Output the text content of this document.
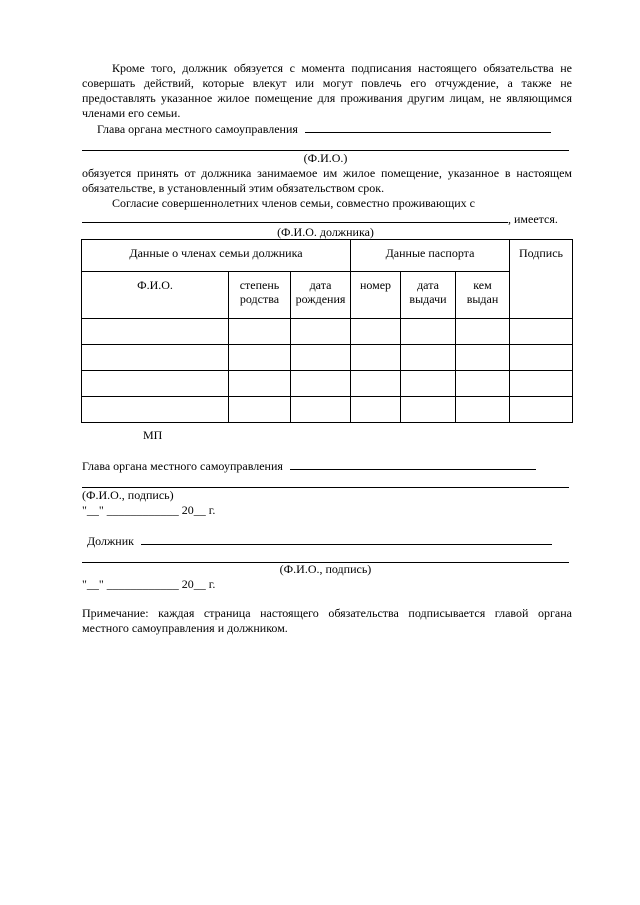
Кроме того, должник обязуется с момента подписания настоящего обязательства не совершать действий, которые влекут или могут повлечь его отчуждение, а также не предоставлять указанное жилое помещение для проживания другим лицам, не являющимся членами его семьи.

Глава органа местного самоуправления
(Ф.И.О.)

обязуется принять от должника занимаемое им жилое помещение, указанное в настоящем обязательстве, в установленный этим обязательством срок.

Согласие совершеннолетних членов семьи, совместно проживающих с

, имеется.
(Ф.И.О. должника)
Данные о членах семьи должника			Данные паспорта			Подпись
Ф.И.О.	степень родства	дата рождения	номер	дата выдачи	кем выдан	

МП
Глава органа местного самоуправления
(Ф.И.О., подпись)
"__" ____________ 20__ г.
Должник
(Ф.И.О., подпись)
"__" ____________ 20__ г.

Примечание: каждая страница настоящего обязательства подписывается главой органа местного самоуправления и должником.
